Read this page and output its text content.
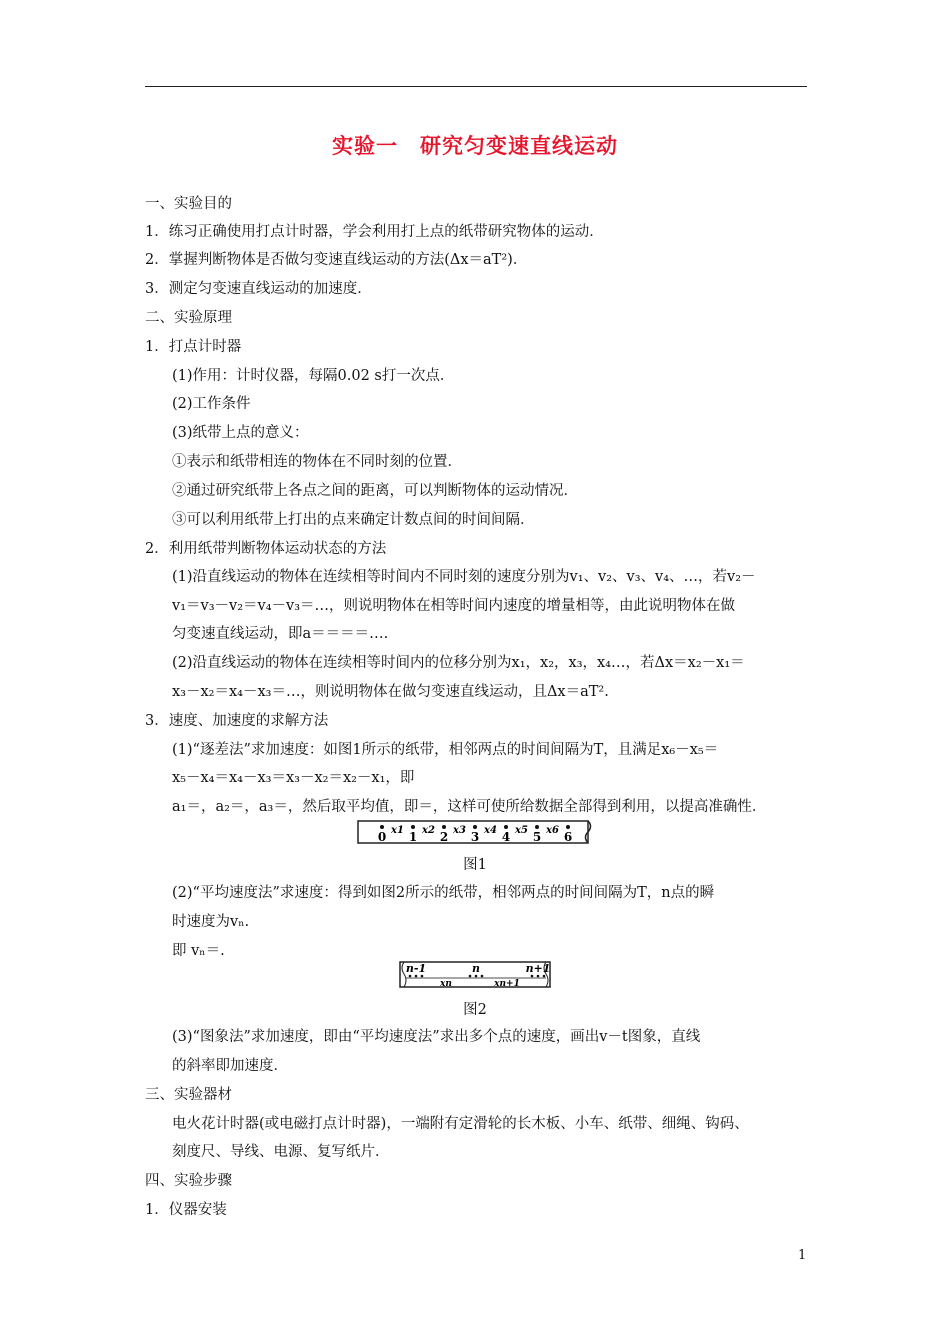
实验一　研究匀变速直线运动
一、实验目的
1．练习正确使用打点计时器，学会利用打上点的纸带研究物体的运动．
2．掌握判断物体是否做匀变速直线运动的方法(Δx＝aT²)．
3．测定匀变速直线运动的加速度．
二、实验原理
1．打点计时器
(1)作用：计时仪器，每隔0.02 s打一次点．
(2)工作条件
(3)纸带上点的意义：
①表示和纸带相连的物体在不同时刻的位置．
②通过研究纸带上各点之间的距离，可以判断物体的运动情况．
③可以利用纸带上打出的点来确定计数点间的时间间隔．
2．利用纸带判断物体运动状态的方法
(1)沿直线运动的物体在连续相等时间内不同时刻的速度分别为v₁、v₂、v₃、v₄、…，若v₂－
v₁＝v₃－v₂＝v₄－v₃＝…，则说明物体在相等时间内速度的增量相等，由此说明物体在做
匀变速直线运动，即a＝＝＝＝….
(2)沿直线运动的物体在连续相等时间内的位移分别为x₁，x₂，x₃，x₄…，若Δx＝x₂－x₁＝
x₃－x₂＝x₄－x₃＝…，则说明物体在做匀变速直线运动，且Δx＝aT².
3．速度、加速度的求解方法
(1)“逐差法”求加速度：如图1所示的纸带，相邻两点的时间间隔为T，且满足x₆－x₅＝
x₅－x₄＝x₄－x₃＝x₃－x₂＝x₂－x₁，即
a₁＝，a₂＝，a₃＝，然后取平均值，即＝，这样可使所给数据全部得到利用，以提高准确性．
0 1 2 3 4 5 6
x1 x2 x3 x4 x5 x6
图1
(2)“平均速度法”求速度：得到如图2所示的纸带，相邻两点的时间间隔为T，n点的瞬
时速度为vₙ.
即 vₙ＝.
n-1	n	n+1
xn	xn+1
图2
(3)“图象法”求加速度，即由“平均速度法”求出多个点的速度，画出v－t图象，直线
的斜率即加速度．
三、实验器材
电火花计时器(或电磁打点计时器)，一端附有定滑轮的长木板、小车、纸带、细绳、钩码、
刻度尺、导线、电源、复写纸片．
四、实验步骤
1．仪器安装
1
